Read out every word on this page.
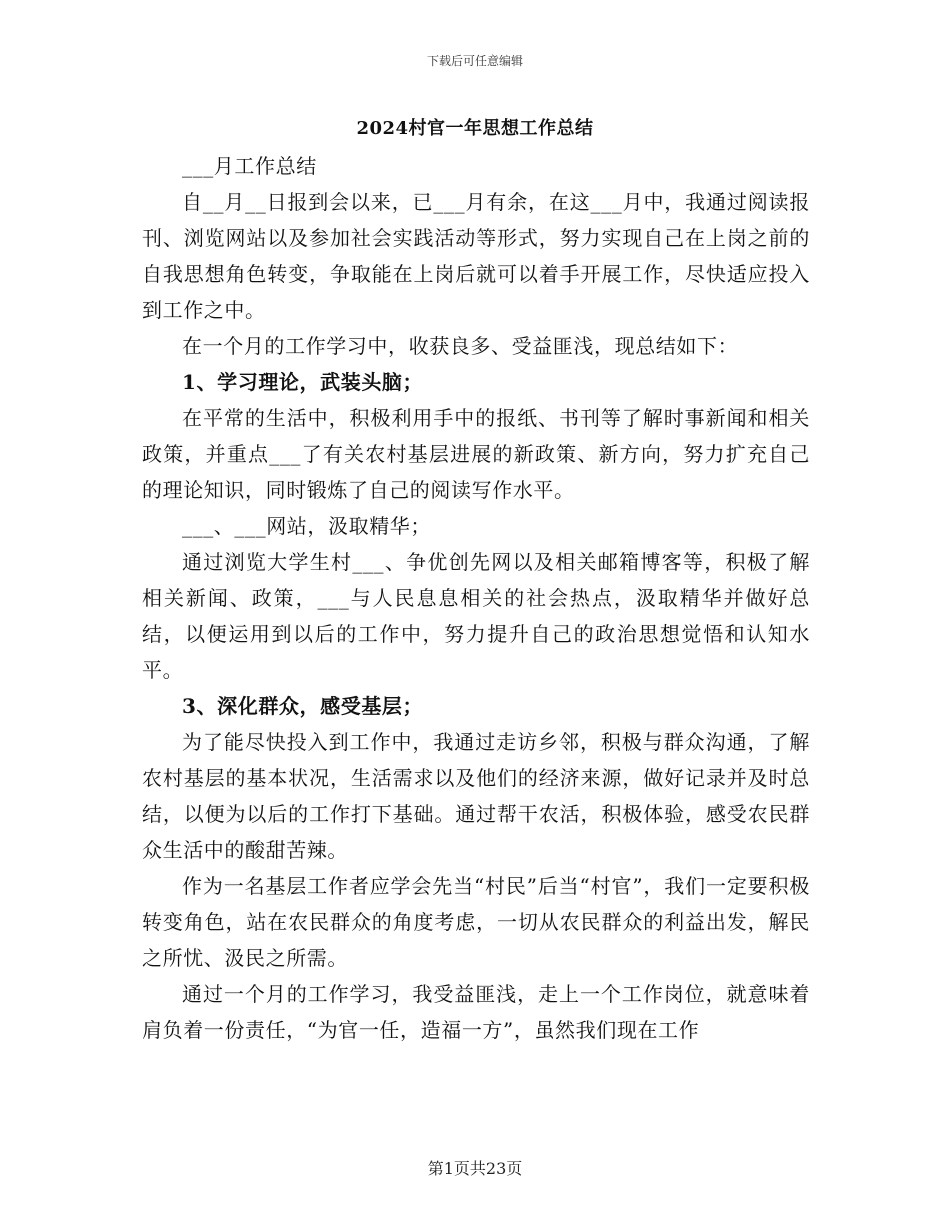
下载后可任意编辑
2024村官一年思想工作总结

___月工作总结

自__月__日报到会以来，已___月有余，在这___月中，我通过阅读报刊、浏览网站以及参加社会实践活动等形式，努力实现自己在上岗之前的自我思想角色转变，争取能在上岗后就可以着手开展工作，尽快适应投入到工作之中。

在一个月的工作学习中，收获良多、受益匪浅，现总结如下：

1、学习理论，武装头脑；

在平常的生活中，积极利用手中的报纸、书刊等了解时事新闻和相关政策，并重点___了有关农村基层进展的新政策、新方向，努力扩充自己的理论知识，同时锻炼了自己的阅读写作水平。

___、___网站，汲取精华；

通过浏览大学生村___、争优创先网以及相关邮箱博客等，积极了解相关新闻、政策，___与人民息息相关的社会热点，汲取精华并做好总结，以便运用到以后的工作中，努力提升自己的政治思想觉悟和认知水平。

3、深化群众，感受基层；

为了能尽快投入到工作中，我通过走访乡邻，积极与群众沟通，了解农村基层的基本状况，生活需求以及他们的经济来源，做好记录并及时总结，以便为以后的工作打下基础。通过帮干农活，积极体验，感受农民群众生活中的酸甜苦辣。

作为一名基层工作者应学会先当“村民”后当“村官”，我们一定要积极转变角色，站在农民群众的角度考虑，一切从农民群众的利益出发，解民之所忧、汲民之所需。

通过一个月的工作学习，我受益匪浅，走上一个工作岗位，就意味着肩负着一份责任，“为官一任，造福一方”，虽然我们现在工作

第1页共23页
